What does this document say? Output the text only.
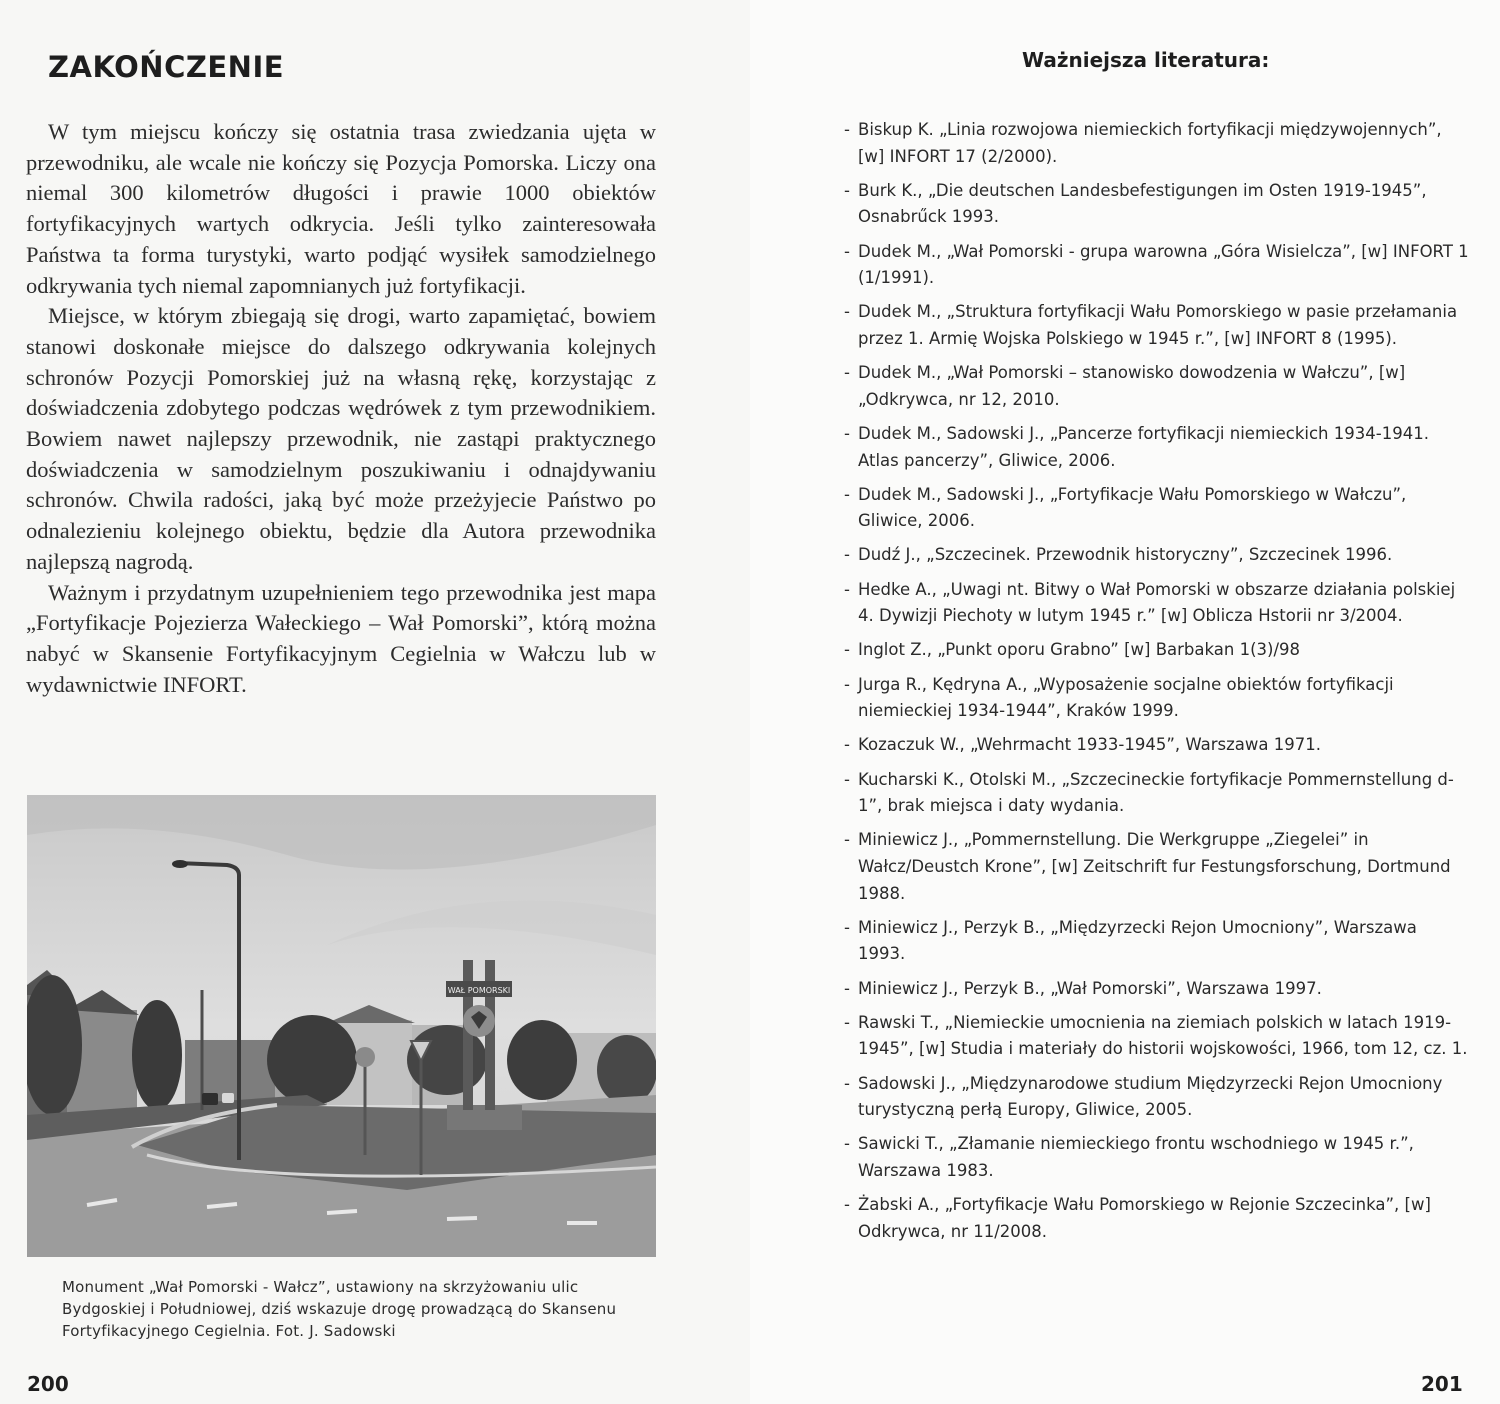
ZAKOŃCZENIE

W tym miejscu kończy się ostatnia trasa zwiedzania ujęta w przewodniku, ale wcale nie kończy się Pozycja Pomorska. Liczy ona niemal 300 kilometrów długości i prawie 1000 obiektów fortyfikacyjnych wartych odkrycia. Jeśli tylko zainteresowała Państwa ta forma turystyki, warto podjąć wysiłek samodzielnego odkrywania tych niemal zapomnianych już fortyfikacji.

Miejsce, w którym zbiegają się drogi, warto zapamiętać, bowiem stanowi doskonałe miejsce do dalszego odkrywania kolejnych schronów Pozycji Pomorskiej już na własną rękę, korzystając z doświadczenia zdobytego podczas wędrówek z tym przewodnikiem. Bowiem nawet najlepszy przewodnik, nie zastąpi praktycznego doświadczenia w samodzielnym poszukiwaniu i odnajdywaniu schronów. Chwila radości, jaką być może przeżyjecie Państwo po odnalezieniu kolejnego obiektu, będzie dla Autora przewodnika najlepszą nagrodą.

Ważnym i przydatnym uzupełnieniem tego przewodnika jest mapa „Fortyfikacje Pojezierza Wałeckiego – Wał Pomorski”, którą można nabyć w Skansenie Fortyfikacyjnym Cegielnia w Wałczu lub w wydawnictwie INFORT.

WAŁ POMORSKI
Monument „Wał Pomorski - Wałcz”, ustawiony na skrzyżowaniu ulic Bydgoskiej i Południowej, dziś wskazuje drogę prowadzącą do Skansenu Fortyfikacyjnego Cegielnia. Fot. J. Sadowski
200
Ważniejsza literatura:
- Biskup K. „Linia rozwojowa niemieckich fortyfikacji międzywojennych”, [w] INFORT 17 (2/2000).
- Burk K., „Die deutschen Landesbefestigungen im Osten 1919-1945”, Osnabrűck 1993.
- Dudek M., „Wał Pomorski - grupa warowna „Góra Wisielcza”, [w] INFORT 1 (1/1991).
- Dudek M., „Struktura fortyfikacji Wału Pomorskiego w pasie przełamania przez 1. Armię Wojska Polskiego w 1945 r.”, [w] INFORT 8 (1995).
- Dudek M., „Wał Pomorski – stanowisko dowodzenia w Wałczu”, [w] „Odkrywca, nr 12, 2010.
- Dudek M., Sadowski J., „Pancerze fortyfikacji niemieckich 1934-1941. Atlas pancerzy”, Gliwice, 2006.
- Dudek M., Sadowski J., „Fortyfikacje Wału Pomorskiego w Wałczu”, Gliwice, 2006.
- Dudź J., „Szczecinek. Przewodnik historyczny”, Szczecinek 1996.
- Hedke A., „Uwagi nt. Bitwy o Wał Pomorski w obszarze działania polskiej 4. Dywizji Piechoty w lutym 1945 r.” [w] Oblicza Hstorii nr 3/2004.
- Inglot Z., „Punkt oporu Grabno” [w] Barbakan 1(3)/98
- Jurga R., Kędryna A., „Wyposażenie socjalne obiektów fortyfikacji niemieckiej 1934-1944”, Kraków 1999.
- Kozaczuk W., „Wehrmacht 1933-1945”, Warszawa 1971.
- Kucharski K., Otolski M., „Szczecineckie fortyfikacje Pommernstellung d-1”, brak miejsca i daty wydania.
- Miniewicz J., „Pommernstellung. Die Werkgruppe „Ziegelei” in Wałcz/Deustch Krone”, [w] Zeitschrift fur Festungsforschung, Dortmund 1988.
- Miniewicz J., Perzyk B., „Międzyrzecki Rejon Umocniony”, Warszawa 1993.
- Miniewicz J., Perzyk B., „Wał Pomorski”, Warszawa 1997.
- Rawski T., „Niemieckie umocnienia na ziemiach polskich w latach 1919-1945”, [w] Studia i materiały do historii wojskowości, 1966, tom 12, cz. 1.
- Sadowski J., „Międzynarodowe studium Międzyrzecki Rejon Umocniony turystyczną perłą Europy, Gliwice, 2005.
- Sawicki T., „Złamanie niemieckiego frontu wschodniego w 1945 r.”, Warszawa 1983.
- Żabski A., „Fortyfikacje Wału Pomorskiego w Rejonie Szczecinka”, [w] Odkrywca, nr 11/2008.
201
